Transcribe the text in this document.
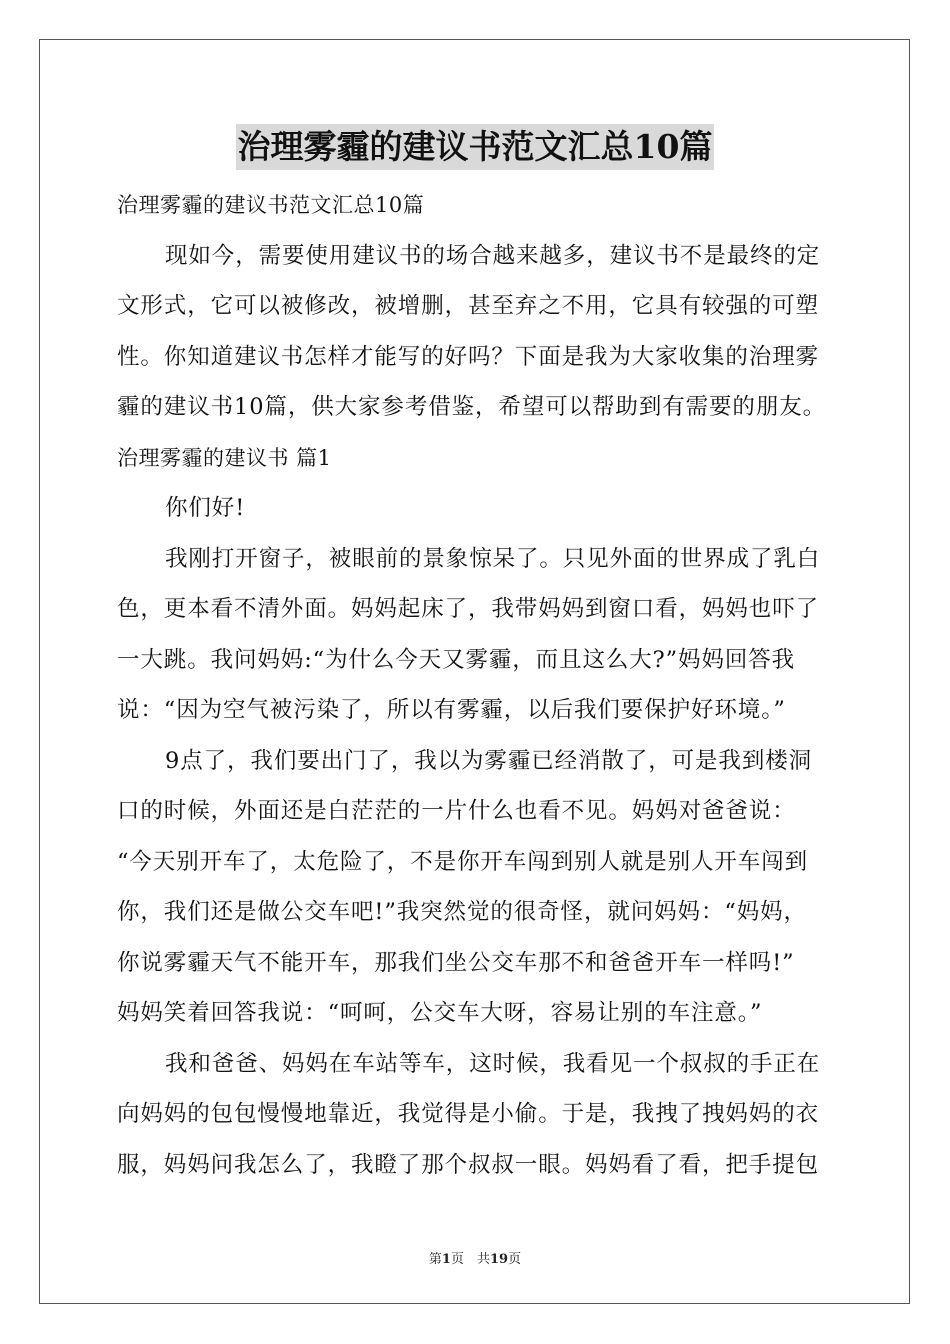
治理雾霾的建议书范文汇总10篇
治理雾霾的建议书范文汇总10篇
现如今，需要使用建议书的场合越来越多，建议书不是最终的定
文形式，它可以被修改，被增删，甚至弃之不用，它具有较强的可塑
性。你知道建议书怎样才能写的好吗？下面是我为大家收集的治理雾
霾的建议书10篇，供大家参考借鉴，希望可以帮助到有需要的朋友。
治理雾霾的建议书 篇1
你们好!
我刚打开窗子，被眼前的景象惊呆了。只见外面的世界成了乳白
色，更本看不清外面。妈妈起床了，我带妈妈到窗口看，妈妈也吓了
一大跳。我问妈妈:“为什么今天又雾霾，而且这么大?”妈妈回答我
说：“因为空气被污染了，所以有雾霾，以后我们要保护好环境。”
9点了，我们要出门了，我以为雾霾已经消散了，可是我到楼洞
口的时候，外面还是白茫茫的一片什么也看不见。妈妈对爸爸说：
“今天别开车了，太危险了，不是你开车闯到别人就是别人开车闯到
你，我们还是做公交车吧!”我突然觉的很奇怪，就问妈妈：“妈妈，
你说雾霾天气不能开车，那我们坐公交车那不和爸爸开车一样吗!”
妈妈笑着回答我说：“呵呵，公交车大呀，容易让别的车注意。”
我和爸爸、妈妈在车站等车，这时候，我看见一个叔叔的手正在
向妈妈的包包慢慢地靠近，我觉得是小偷。于是，我拽了拽妈妈的衣
服，妈妈问我怎么了，我瞪了那个叔叔一眼。妈妈看了看，把手提包
第1页　共19页
